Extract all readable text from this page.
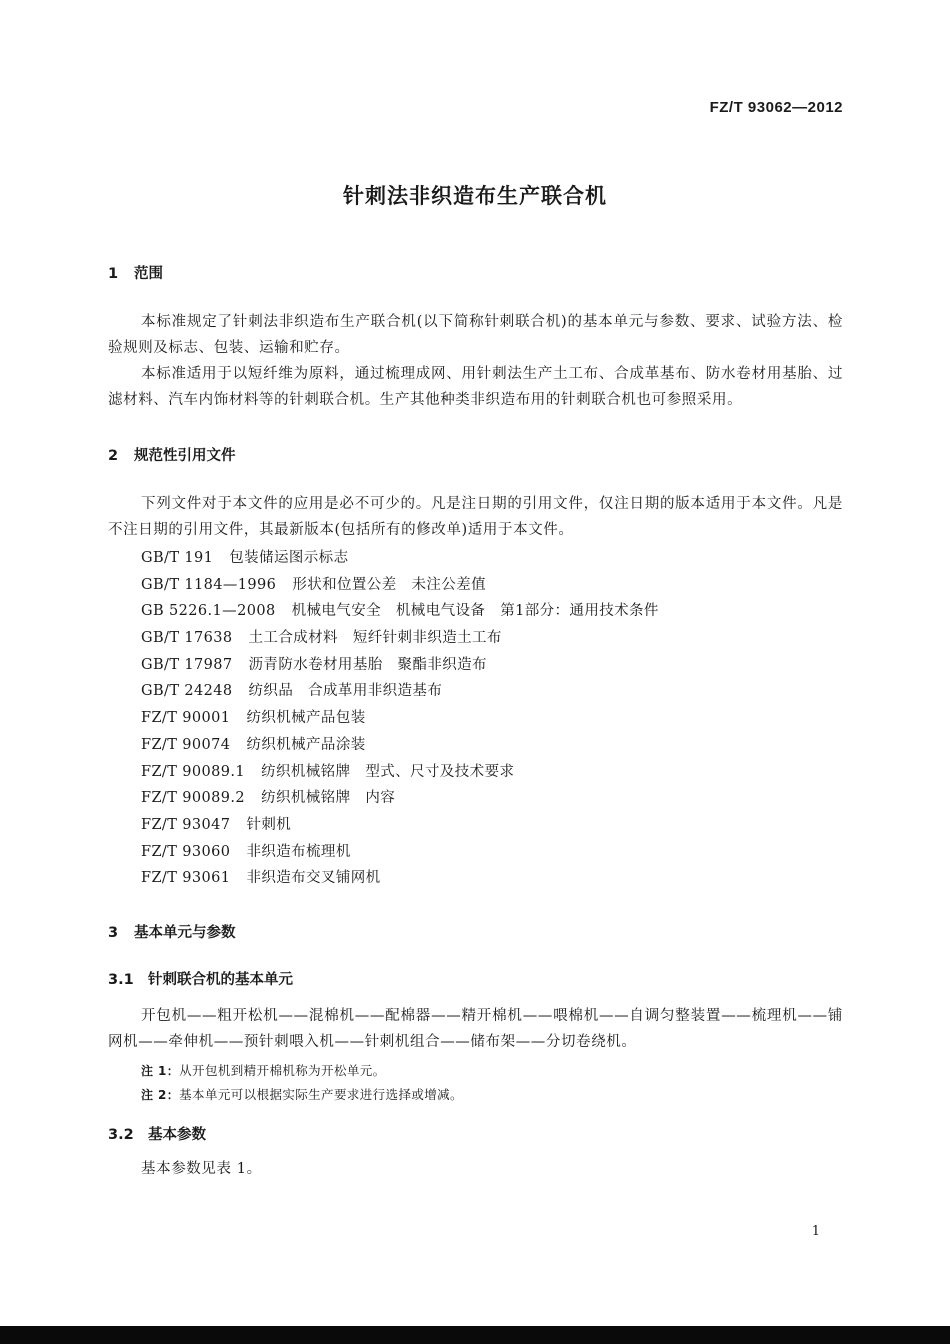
FZ/T 93062—2012
针刺法非织造布生产联合机
1 范围
本标准规定了针刺法非织造布生产联合机(以下简称针刺联合机)的基本单元与参数、要求、试验方法、检验规则及标志、包装、运输和贮存。
本标准适用于以短纤维为原料，通过梳理成网、用针刺法生产土工布、合成革基布、防水卷材用基胎、过滤材料、汽车内饰材料等的针刺联合机。生产其他种类非织造布用的针刺联合机也可参照采用。
2 规范性引用文件
下列文件对于本文件的应用是必不可少的。凡是注日期的引用文件，仅注日期的版本适用于本文件。凡是不注日期的引用文件，其最新版本(包括所有的修改单)适用于本文件。
GB/T 191 包装储运图示标志
GB/T 1184—1996 形状和位置公差　未注公差值
GB 5226.1—2008 机械电气安全　机械电气设备　第1部分：通用技术条件
GB/T 17638 土工合成材料　短纤针刺非织造土工布
GB/T 17987 沥青防水卷材用基胎　聚酯非织造布
GB/T 24248 纺织品　合成革用非织造基布
FZ/T 90001 纺织机械产品包装
FZ/T 90074 纺织机械产品涂装
FZ/T 90089.1 纺织机械铭牌　型式、尺寸及技术要求
FZ/T 90089.2 纺织机械铭牌　内容
FZ/T 93047 针刺机
FZ/T 93060 非织造布梳理机
FZ/T 93061 非织造布交叉铺网机
3 基本单元与参数
3.1 针刺联合机的基本单元
开包机——粗开松机——混棉机——配棉器——精开棉机——喂棉机——自调匀整装置——梳理机——铺网机——牵伸机——预针刺喂入机——针刺机组合——储布架——分切卷绕机。
注 1：从开包机到精开棉机称为开松单元。
注 2：基本单元可以根据实际生产要求进行选择或增减。
3.2 基本参数
基本参数见表 1。
1
